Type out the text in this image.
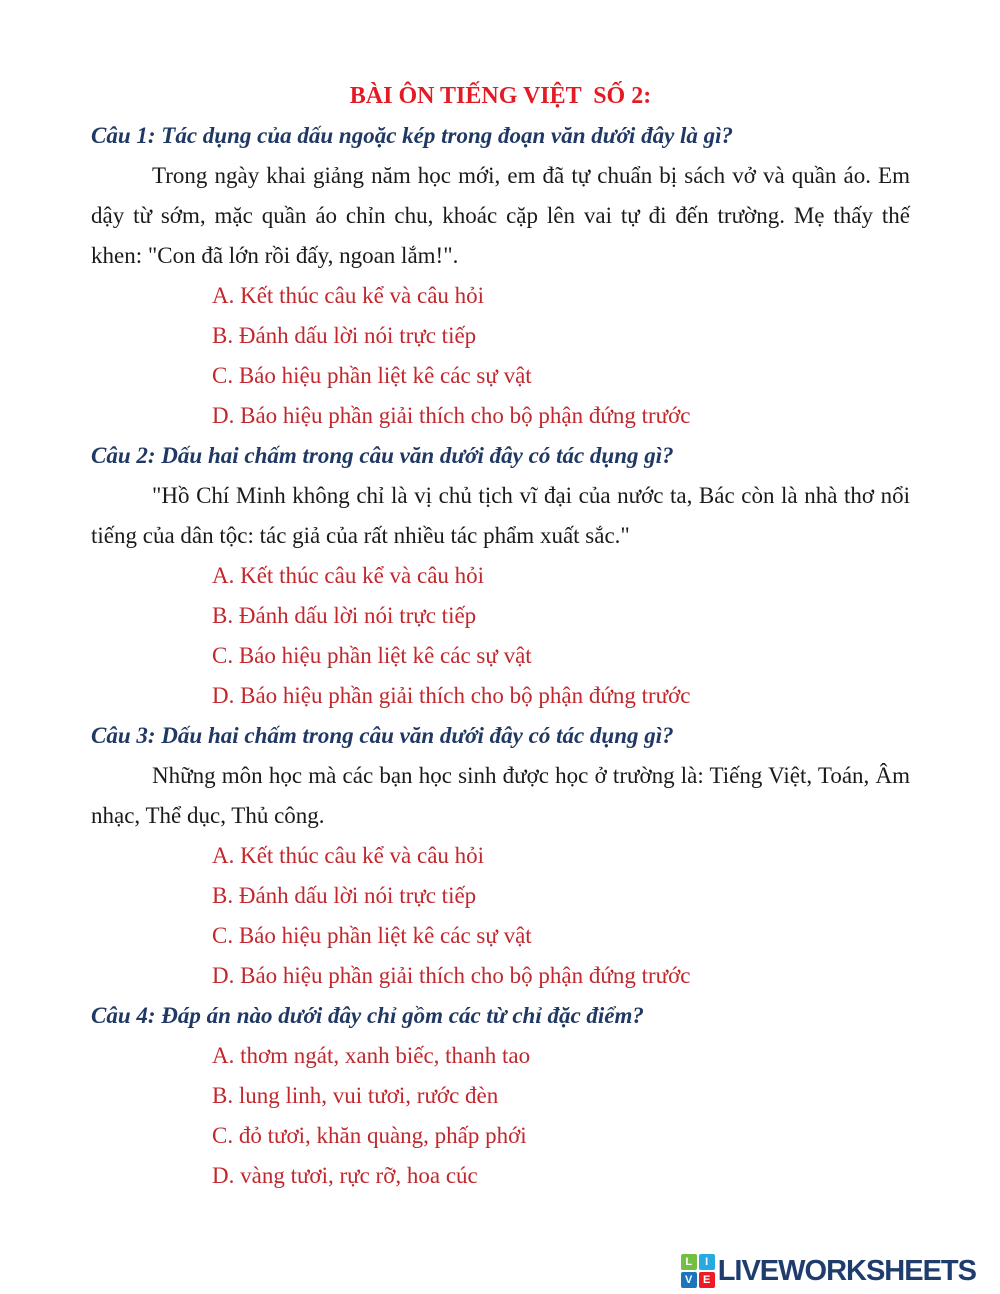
BÀI ÔN TIẾNG VIỆT  SỐ 2:

Câu 1: Tác dụng của dấu ngoặc kép trong đoạn văn dưới đây là gì?

Trong ngày khai giảng năm học mới, em đã tự chuẩn bị sách vở và quần áo. Em dậy từ sớm, mặc quần áo chỉn chu, khoác cặp lên vai tự đi đến trường. Mẹ thấy thế khen: "Con đã lớn rồi đấy, ngoan lắm!".

A. Kết thúc câu kể và câu hỏi

B. Đánh dấu lời nói trực tiếp

C. Báo hiệu phần liệt kê các sự vật

D. Báo hiệu phần giải thích cho bộ phận đứng trước

Câu 2: Dấu hai chấm trong câu văn dưới đây có tác dụng gì?

"Hồ Chí Minh không chỉ là vị chủ tịch vĩ đại của nước ta, Bác còn là nhà thơ nổi tiếng của dân tộc: tác giả của rất nhiều tác phẩm xuất sắc."

A. Kết thúc câu kể và câu hỏi

B. Đánh dấu lời nói trực tiếp

C. Báo hiệu phần liệt kê các sự vật

D. Báo hiệu phần giải thích cho bộ phận đứng trước

Câu 3: Dấu hai chấm trong câu văn dưới đây có tác dụng gì?

Những môn học mà các bạn học sinh được học ở trường là: Tiếng Việt, Toán, Âm nhạc, Thể dục, Thủ công.

A. Kết thúc câu kể và câu hỏi

B. Đánh dấu lời nói trực tiếp

C. Báo hiệu phần liệt kê các sự vật

D. Báo hiệu phần giải thích cho bộ phận đứng trước

Câu 4: Đáp án nào dưới đây chỉ gồm các từ chỉ đặc điểm?

A. thơm ngát, xanh biếc, thanh tao

B. lung linh, vui tươi, rước đèn

C. đỏ tươi, khăn quàng, phấp phới

D. vàng tươi, rực rỡ, hoa cúc

L	I
V E LIVEWORKSHEETS
